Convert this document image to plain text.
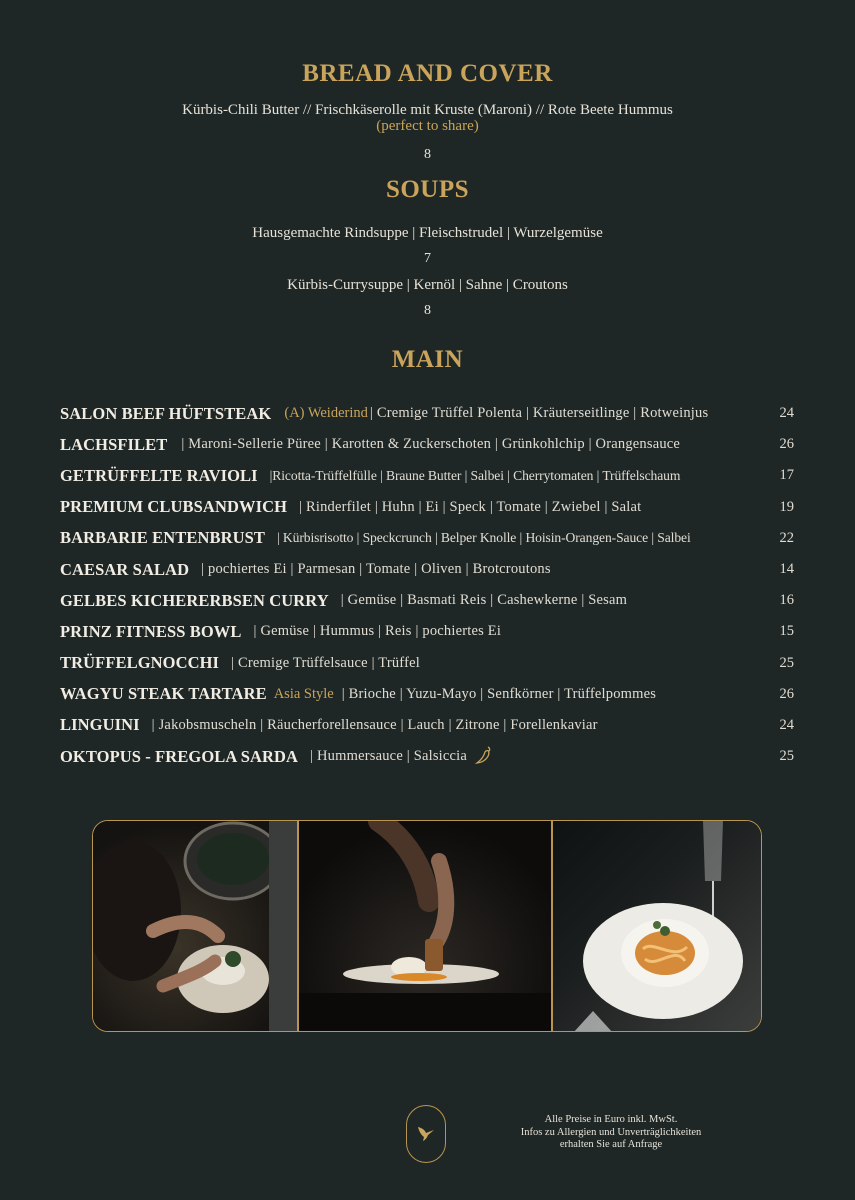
BREAD AND COVER
Kürbis-Chili Butter // Frischkäserolle mit Kruste (Maroni) // Rote Beete Hummus
(perfect to share)
8
SOUPS
Hausgemachte Rindsuppe | Fleischstrudel | Wurzelgemüse
7
Kürbis-Currysuppe | Kernöl | Sahne | Croutons
8
MAIN
SALON BEEF HÜFTSTEAK (A) Weiderind | Cremige Trüffel Polenta | Kräuterseitlinge | Rotweinjus	24
LACHSFILET | Maroni-Sellerie Püree | Karotten & Zuckerschoten | Grünkohlchip | Orangensauce	26
GETRÜFFELTE RAVIOLI |Ricotta-Trüffelfülle | Braune Butter | Salbei | Cherrytomaten | Trüffelschaum	17
PREMIUM CLUBSANDWICH | Rinderfilet | Huhn | Ei | Speck | Tomate | Zwiebel | Salat	19
BARBARIE ENTENBRUST | Kürbisrisotto | Speckcrunch | Belper Knolle | Hoisin-Orangen-Sauce | Salbei	22
CAESAR SALAD | pochiertes Ei | Parmesan | Tomate | Oliven | Brotcroutons	14
GELBES KICHERERBSEN CURRY | Gemüse | Basmati Reis | Cashewkerne | Sesam	16
PRINZ FITNESS BOWL | Gemüse | Hummus | Reis | pochiertes Ei	15
TRÜFFELGNOCCHI | Cremige Trüffelsauce | Trüffel	25
WAGYU STEAK TARTARE Asia Style | Brioche | Yuzu-Mayo | Senfkörner | Trüffelpommes	26
LINGUINI | Jakobsmuscheln | Räucherforellensauce | Lauch | Zitrone | Forellenkaviar	24
OKTOPUS - FREGOLA SARDA | Hummersauce | Salsiccia	25
Alle Preise in Euro inkl. MwSt.
Infos zu Allergien und Unverträglichkeiten
erhalten Sie auf Anfrage
